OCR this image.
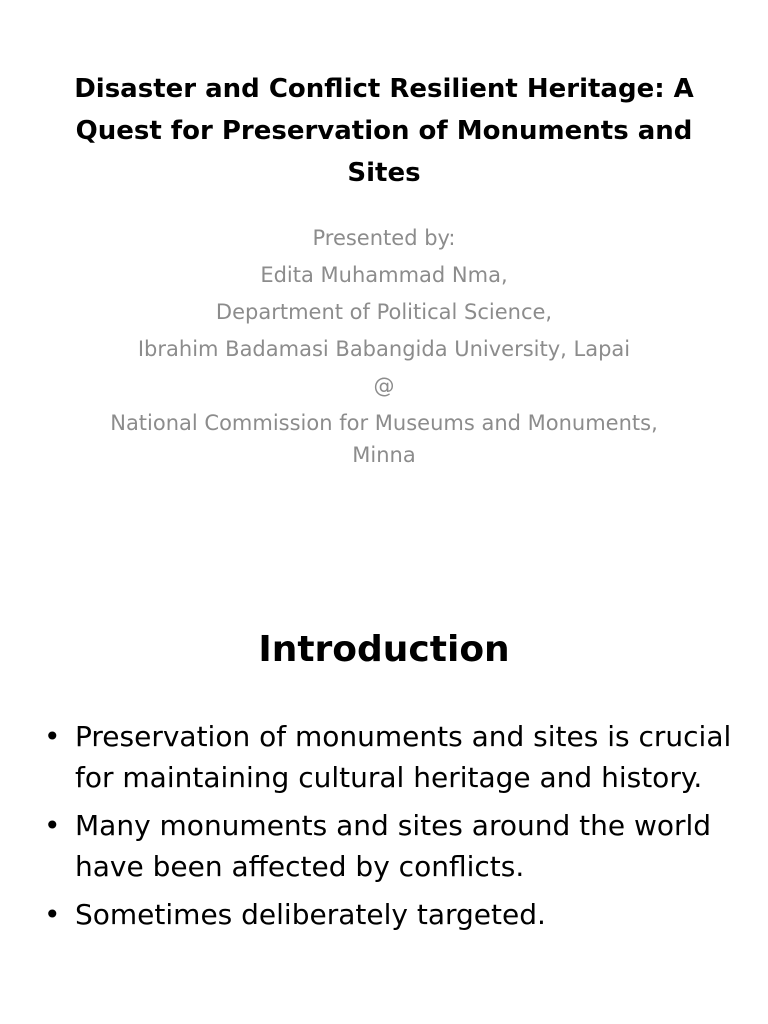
Disaster and Conflict Resilient Heritage: A Quest for Preservation of Monuments and Sites
Presented by:
Edita Muhammad Nma,
Department of Political Science,
Ibrahim Badamasi Babangida University, Lapai
@
National Commission for Museums and Monuments, Minna
Introduction
• Preservation of monuments and sites is crucial for maintaining cultural heritage and history.
• Many monuments and sites around the world have been affected by conflicts.
• Sometimes deliberately targeted.
